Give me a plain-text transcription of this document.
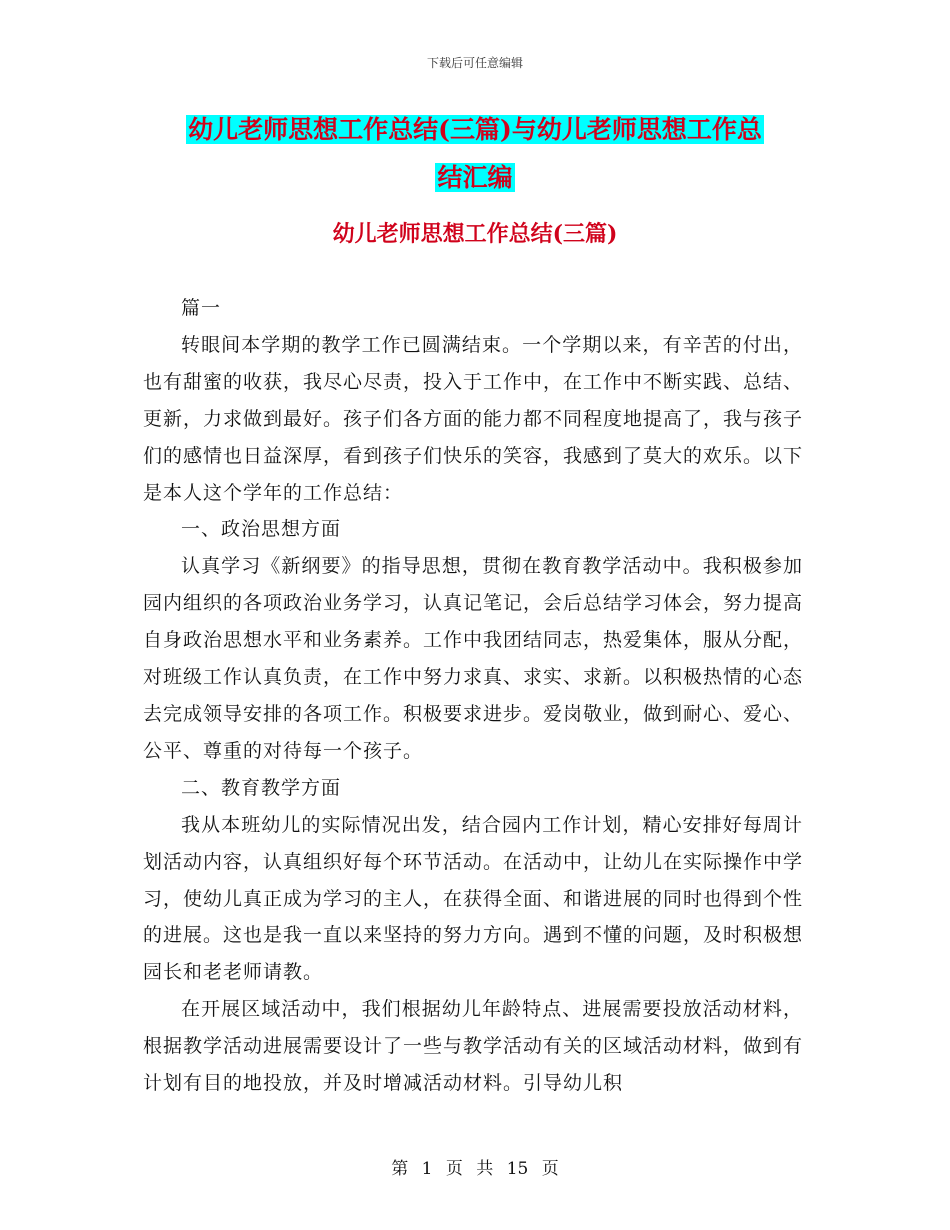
下载后可任意编辑
幼儿老师思想工作总结(三篇)与幼儿老师思想工作总
结汇编
幼儿老师思想工作总结(三篇)

篇一

转眼间本学期的教学工作已圆满结束。一个学期以来，有辛苦的付出，也有甜蜜的收获，我尽心尽责，投入于工作中，在工作中不断实践、总结、更新，力求做到最好。孩子们各方面的能力都不同程度地提高了，我与孩子们的感情也日益深厚，看到孩子们快乐的笑容，我感到了莫大的欢乐。以下是本人这个学年的工作总结：

一、政治思想方面

认真学习《新纲要》的指导思想，贯彻在教育教学活动中。我积极参加园内组织的各项政治业务学习，认真记笔记，会后总结学习体会，努力提高自身政治思想水平和业务素养。工作中我团结同志，热爱集体，服从分配，对班级工作认真负责，在工作中努力求真、求实、求新。以积极热情的心态去完成领导安排的各项工作。积极要求进步。爱岗敬业，做到耐心、爱心、公平、尊重的对待每一个孩子。

二、教育教学方面

我从本班幼儿的实际情况出发，结合园内工作计划，精心安排好每周计划活动内容，认真组织好每个环节活动。在活动中，让幼儿在实际操作中学习，使幼儿真正成为学习的主人，在获得全面、和谐进展的同时也得到个性的进展。这也是我一直以来坚持的努力方向。遇到不懂的问题，及时积极想园长和老老师请教。

在开展区域活动中，我们根据幼儿年龄特点、进展需要投放活动材料，根据教学活动进展需要设计了一些与教学活动有关的区域活动材料，做到有计划有目的地投放，并及时增减活动材料。引导幼儿积

第 1 页 共 15 页
